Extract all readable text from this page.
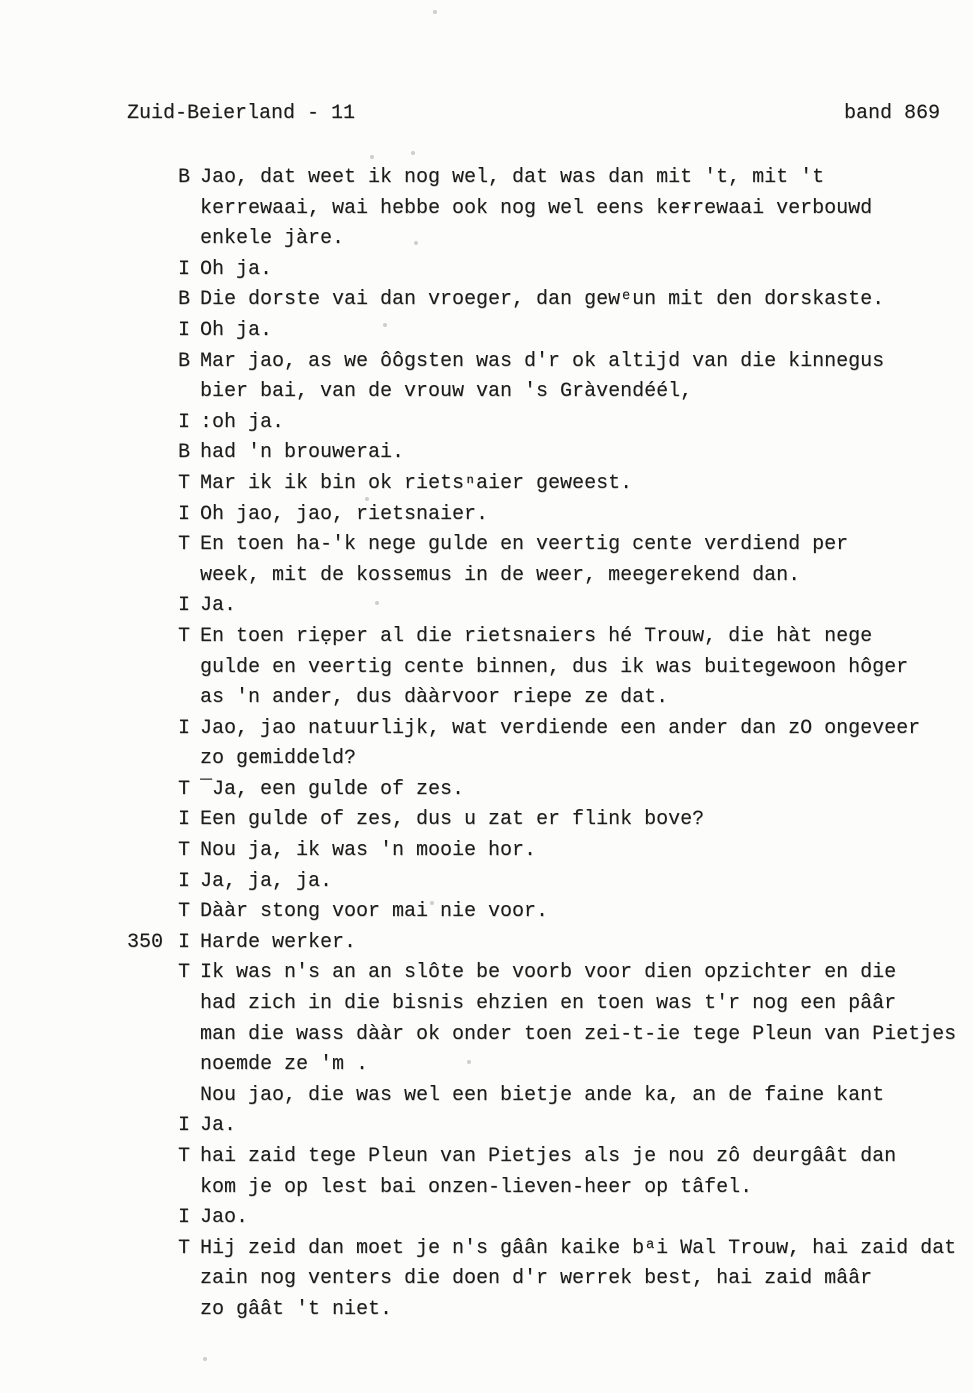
Zuid-Beierland - 11	band 869
B Jao, dat weet ik nog wel, dat was dan mit 't, mit 't
kerrewaai, wai hebbe ook nog wel eens keɍrewaai verbouwd
enkele jàre.
I Oh ja.
B Die dorste vai dan vroeger, dan gewᵉun mit den dorskaste.
I Oh ja.
B Mar jao, as we ôôgsten was d'r ok altijd van die kinnegus
bier bai, van de vrouw van 's Gràvendéél,
I :oh ja.
B had 'n brouwerai.
T Mar ik ik bin ok rietsⁿaier geweest.
I Oh jao, jao, rietsnaier.
T En toen ha-'k nege gulde en veertig cente verdiend per
week, mit de kossemus in de weer, meegerekend dan.
I Ja.
T En toen riẹper al die rietsnaiers hé Trouw, die hàt nege
gulde en veertig cente binnen, dus ik was buitegewoon hôger
as 'n ander, dus dààrvoor riepe ze dat.
I Jao, jao natuurlijk, wat verdiende een ander dan zO ongeveer
zo gemiddeld?
T ‾Ja, een gulde of zes.
I Een gulde of zes, dus u zat er flink bove?
T Nou ja, ik was 'n mooie hor.
I Ja, ja, ja.
T Dààr stong voor mai nie voor.
350 I Harde werker.
T Ik was n's an an slôte be voorb voor dien opzichter en die
had zich in die bisnis ehzien en toen was t'r nog een pââr
man die wass dààr ok onder toen zei-t-ie tege Pleun van Pietjes
noemde ze 'm .
Nou jao, die was wel een bietje ande ka, an de faine kant
I Ja.
T hai zaid tege Pleun van Pietjes als je nou zô deurgâât dan
kom je op lest bai onzen-lieven-heer op tâfel.
I Jao.
T Hij zeid dan moet je n's gâân kaike bᵃi Wal Trouw, hai zaid dat
zain nog venters die doen d'r werrek best, hai zaid mââr
zo gâât 't niet.
